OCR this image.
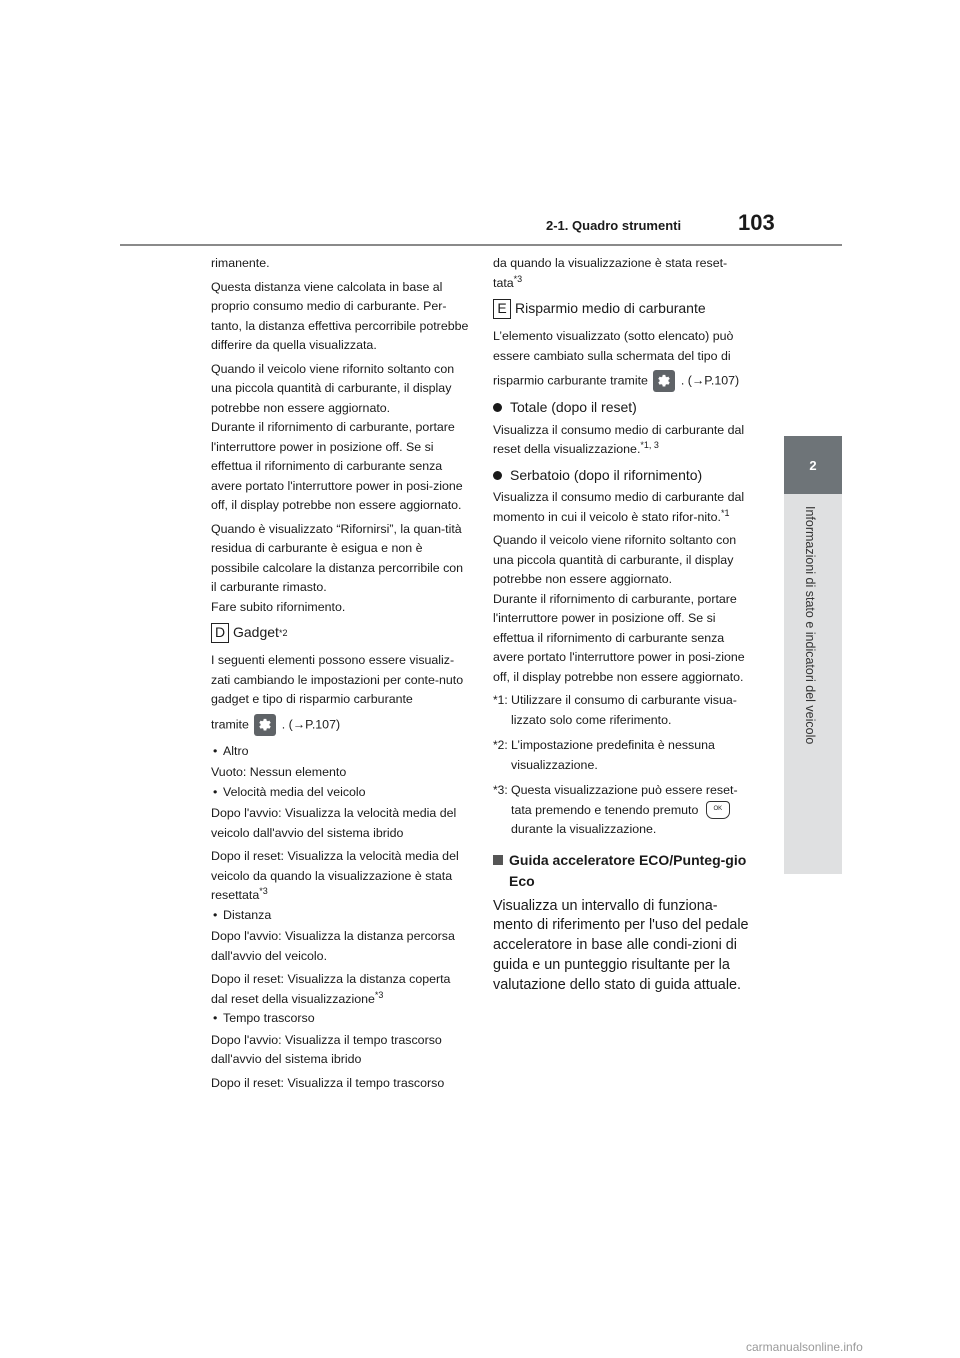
2-1. Quadro strumenti	103
2
Informazioni di stato e indicatori del veicolo

rimanente.

Questa distanza viene calcolata in base al proprio consumo medio di carburante. Per-tanto, la distanza effettiva percorribile potrebbe differire da quella visualizzata.

Quando il veicolo viene rifornito soltanto con una piccola quantità di carburante, il display potrebbe non essere aggiornato.

Durante il rifornimento di carburante, portare l'interruttore power in posizione off. Se si effettua il rifornimento di carburante senza avere portato l'interruttore power in posi-zione off, il display potrebbe non essere aggiornato.

Quando è visualizzato “Rifornirsi”, la quan-tità residua di carburante è esigua e non è possibile calcolare la distanza percorribile con il carburante rimasto.

Fare subito rifornimento.

D Gadget *2

I seguenti elementi possono essere visualiz-zati cambiando le impostazioni per conte-nuto gadget e tipo di risparmio carburante

tramite	. (→P.107)

• Altro

Vuoto: Nessun elemento

• Velocità media del veicolo

Dopo l'avvio: Visualizza la velocità media del veicolo dall'avvio del sistema ibrido

Dopo il reset: Visualizza la velocità media del veicolo da quando la visualizzazione è stata resettata$^{*3}$

• Distanza

Dopo l'avvio: Visualizza la distanza percorsa dall'avvio del veicolo.

Dopo il reset: Visualizza la distanza coperta dal reset della visualizzazione$^{*3}$

• Tempo trascorso

Dopo l'avvio: Visualizza il tempo trascorso dall'avvio del sistema ibrido

Dopo il reset: Visualizza il tempo trascorso

da quando la visualizzazione è stata reset-tata$^{*3}$

E Risparmio medio di carburante

L’elemento visualizzato (sotto elencato) può essere cambiato sulla schermata del tipo di

risparmio carburante tramite	. (→P.107)

Totale (dopo il reset)

Visualizza il consumo medio di carburante dal reset della visualizzazione.$^{*1, 3}$

Serbatoio (dopo il rifornimento)

Visualizza il consumo medio di carburante dal momento in cui il veicolo è stato rifor-nito.$^{*1}$

Quando il veicolo viene rifornito soltanto con una piccola quantità di carburante, il display potrebbe non essere aggiornato.

Durante il rifornimento di carburante, portare l'interruttore power in posizione off. Se si effettua il rifornimento di carburante senza avere portato l'interruttore power in posi-zione off, il display potrebbe non essere aggiornato.

*1: Utilizzare il consumo di carburante visua-lizzato solo come riferimento.
*2: L’impostazione predefinita è nessuna visualizzazione.
*3: Questa visualizzazione può essere reset-tata premendo e tenendo premuto	OK
durante la visualizzazione.
Guida acceleratore ECO/Punteg-gio Eco

Visualizza un intervallo di funziona-mento di riferimento per l'uso del pedale acceleratore in base alle condi-zioni di guida e un punteggio risultante per la valutazione dello stato di guida attuale.

carmanualsonline.info
